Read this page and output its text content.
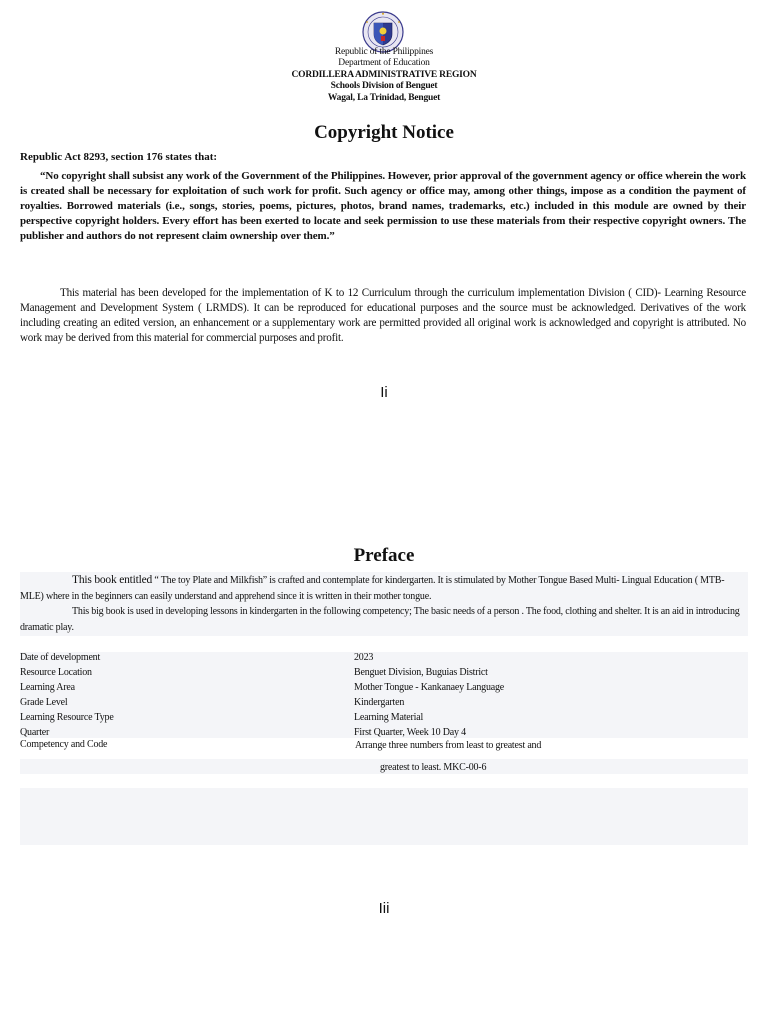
Republic of the Philippines
Department of Education
CORDILLERA ADMINISTRATIVE REGION
Schools Division of Benguet
Wagal, La Trinidad, Benguet
Copyright Notice
Republic Act 8293, section 176 states that:
“No copyright shall subsist any work of the Government of the Philippines. However, prior approval of the government agency or office wherein the work is created shall be necessary for exploitation of such work for profit. Such agency or office may, among other things, impose as a condition the payment of royalties. Borrowed materials (i.e., songs, stories, poems, pictures, photos, brand names, trademarks, etc.) included in this module are owned by their perspective copyright holders. Every effort has been exerted to locate and seek permission to use these materials from their respective copyright owners. The publisher and authors do not represent claim ownership over them.”
This material has been developed for the implementation of K to 12 Curriculum through the curriculum implementation Division ( CID)- Learning Resource Management and Development System ( LRMDS). It can be reproduced for educational purposes and the source must be acknowledged. Derivatives of the work including creating an edited version, an enhancement or a supplementary work are permitted provided all original work is acknowledged and copyright is attributed. No work may be derived from this material for commercial purposes and profit.
Ii
Preface
This book entitled “ The toy Plate and Milkfish” is crafted and contemplate for kindergarten. It is stimulated by Mother Tongue Based Multi- Lingual Education ( MTB-MLE) where in the beginners can easily understand and apprehend since it is written in their mother tongue.
This big book is used in developing lessons in kindergarten in the following competency; The basic needs of a person . The food, clothing and shelter. It is an aid in introducing dramatic play.
Date of development	2023
Resource Location	Benguet Division, Buguias District
Learning Area	Mother Tongue - Kankanaey Language
Grade Level	Kindergarten
Learning Resource Type	Learning Material
Quarter	First Quarter, Week 10 Day 4
Competency and Code	Arrange three numbers from least to greatest and
greatest to least. MKC-00-6
Iii
